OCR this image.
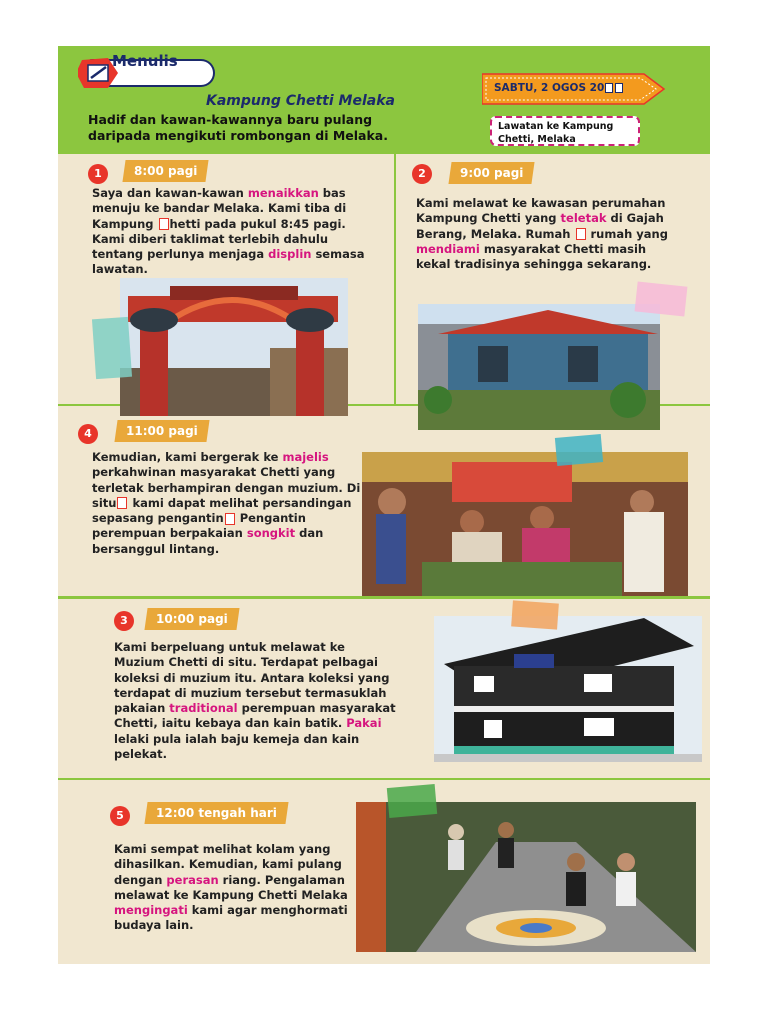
Menulis
Kampung Chetti Melaka
Hadif dan kawan-kawannya baru pulang daripada mengikuti rombongan di Melaka.
SABTU, 2 OGOS 20
Lawatan ke Kampung Chetti, Melaka
1	8:00 pagi
Saya dan kawan-kawan menaikkan bas menuju ke bandar Melaka. Kami tiba di Kampung hetti pada pukul 8:45 pagi. Kami diberi taklimat terlebih dahulu tentang perlunya menjaga displin semasa lawatan.
2	9:00 pagi
Kami melawat ke kawasan perumahan Kampung Chetti yang teletak di Gajah Berang, Melaka. Rumah  rumah yang mendiami masyarakat Chetti masih kekal tradisinya sehingga sekarang.
4	11:00 pagi
Kemudian, kami bergerak ke majelis perkahwinan masyarakat Chetti yang terletak berhampiran dengan muzium. Di situ kami dapat melihat persandingan sepasang pengantin Pengantin perempuan berpakaian songkit dan bersanggul lintang.
3	10:00 pagi
Kami berpeluang untuk melawat ke Muzium Chetti di situ. Terdapat pelbagai koleksi di muzium itu. Antara koleksi yang terdapat di muzium tersebut termasuklah pakaian traditional perempuan masyarakat Chetti, iaitu kebaya dan kain batik. Pakai lelaki pula ialah baju kemeja dan kain pelekat.
5	12:00 tengah hari
Kami sempat melihat kolam yang dihasilkan. Kemudian, kami pulang dengan perasan riang. Pengalaman melawat ke Kampung Chetti Melaka mengingati kami agar menghormati budaya lain.
